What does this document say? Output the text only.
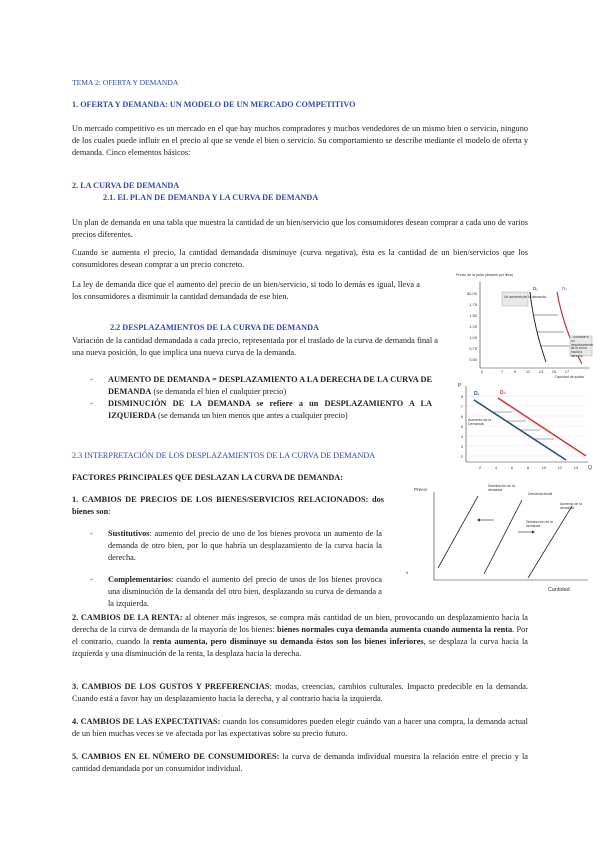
TEMA 2: OFERTA Y DEMANDA
1. OFERTA Y DEMANDA: UN MODELO DE UN MERCADO COMPETITIVO
Un mercado competitivo es un mercado en el que hay muchos compradores y muchos vendedores de un mismo bien o servicio, ninguno de los cuales puede influir en el precio al que se vende el bien o servicio. Su comportamiento se describe mediante el modelo de oferta y demanda. Cinco elementos básicos:
2. LA CURVA DE DEMANDA
2.1. EL PLAN DE DEMANDA Y LA CURVA DE DEMANDA
Un plan de demanda en una tabla que muestra la cantidad de un bien/servicio que los consumidores desean comprar a cada uno de varios precios diferentes.
Cuando se aumenta el precio, la cantidad demandada disminuye (curva negativa), ésta es la cantidad de un bien/servicios que los consumidores desean comprar a un precio concreto.
La ley de demanda dice que el aumento del precio de un bien/servicio, si todo lo demás es igual, lleva a los consumidores a disminuir la cantidad demandada de ese bien.
2.2 DESPLAZAMIENTOS DE LA CURVA DE DEMANDA
Variación de la cantidad demandada a cada precio, representada por el traslado de la curva de demanda final a una nueva posición, lo que implica una nueva curva de la demanda.
- AUMENTO DE DEMANDA = DESPLAZAMIENTO A LA DERECHA DE LA CURVA DE DEMANDA (se demanda el bien el cualquier precio)
- DISMINUCIÓN DE LA DEMANDA se refiere a un DESPLAZAMIENTO A LA IZQUIERDA (se demanda un bien menos que antes a cualquier precio)
2.3 INTERPRETACIÓN DE LOS DESPLAZAMIENTOS DE LA CURVA DE DEMANDA
FACTORES PRINCIPALES QUE DESLAZAN LA CURVA DE DEMANDA:
1. CAMBIOS DE PRECIOS DE LOS BIENES/SERVICIOS RELACIONADOS: dos bienes son:
- Sustitutivos: aumento del precio de uno de los bienes provoca un aumento de la demanda de otro bien, por lo que habría un desplazamiento de la curva hacia la derecha.
- Complementarios: cuando el aumento del precio de unos de los bienes provoca una disminución de la demanda del otro bien, desplazando su curva de demanda a la izquierda.
2. CAMBIOS DE LA RENTA: al obtener más ingresos, se compra más cantidad de un bien, provocando un desplazamiento hacia la derecha de la curva de demanda de la mayoría de los bienes: bienes normales cuya demanda aumenta cuando aumenta la renta. Por el contrario, cuando la renta aumenta, pero disminuye su demanda éstos son los bienes inferiores, se desplaza la curva hacia la izquierda y una disminución de la renta, la desplaza hacia la derecha.
3. CAMBIOS DE LOS GUSTOS Y PREFERENCIAS: modas, creencias, cambios culturales. Impacto predecible en la demanda. Cuando está a favor hay un desplazamiento hacia la derecha, y al contrario hacia la izquierda.
4. CAMBIOS DE LAS EXPECTATIVAS: cuando los consumidores pueden elegir cuándo van a hacer una compra, la demanda actual de un bien muchas veces se ve afectada por las expectativas sobre su precio futuro.
5. CAMBIOS EN EL NÚMERO DE CONSUMIDORES: la curva de demanda individual muestra la relación entre el precio y la cantidad demandada por un consumidor individual.
Precio de la judía (dólares por libra)
$2.00
1.75
1.50
1.25
1.00
0.75
0.50
0	7	9 11 13 15 17
Cantidad de judías
D₁	D₂
Un aumento de la demanda...
...conduce a un desplazamiento de la curva hacia la derecha
P
8
7
6
5
4
3
2
2	4	6	8	10	12	14 Q
D₁	D₂
Aumento de la Demanda
Precio
0
Cantidad
Disminución de la demanda
Demanda inicial
Aumento de la demanda
Disminución de la demanda
